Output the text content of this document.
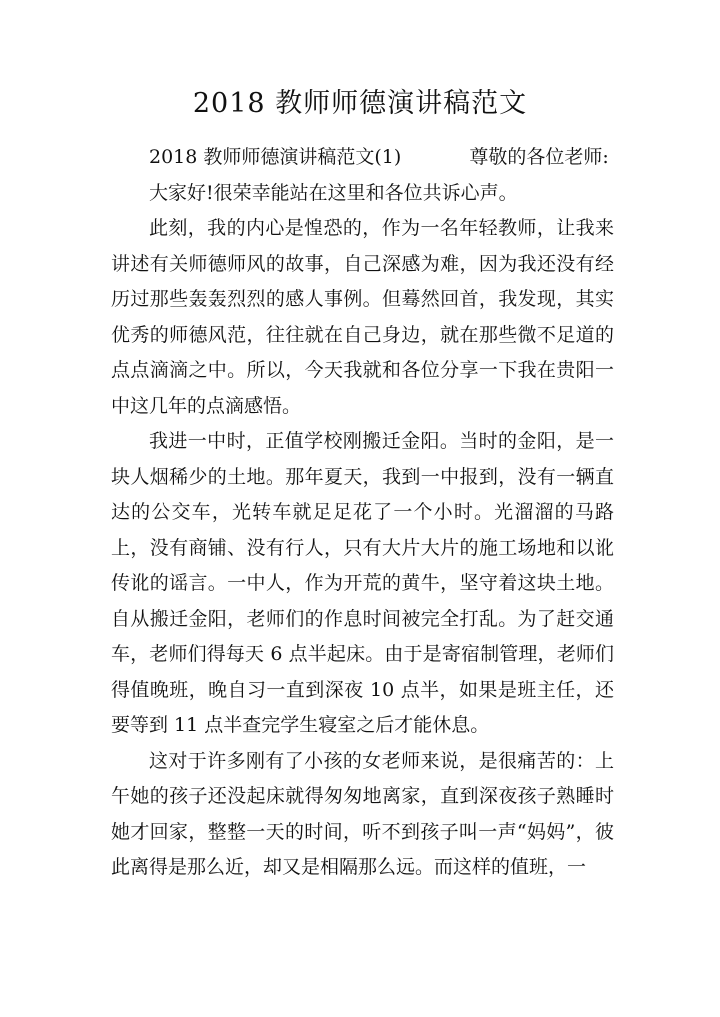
2018 教师师德演讲稿范文

2018 教师师德演讲稿范文(1)	尊敬的各位老师:

大家好!很荣幸能站在这里和各位共诉心声。

此刻，我的内心是惶恐的，作为一名年轻教师，让我来讲述有关师德师风的故事，自己深感为难，因为我还没有经历过那些轰轰烈烈的感人事例。但蓦然回首，我发现，其实优秀的师德风范，往往就在自己身边，就在那些微不足道的点点滴滴之中。所以，今天我就和各位分享一下我在贵阳一中这几年的点滴感悟。

我进一中时，正值学校刚搬迁金阳。当时的金阳，是一块人烟稀少的土地。那年夏天，我到一中报到，没有一辆直达的公交车，光转车就足足花了一个小时。光溜溜的马路上，没有商铺、没有行人，只有大片大片的施工场地和以讹传讹的谣言。一中人，作为开荒的黄牛，坚守着这块土地。自从搬迁金阳，老师们的作息时间被完全打乱。为了赶交通车，老师们得每天 6 点半起床。由于是寄宿制管理，老师们得值晚班，晚自习一直到深夜 10 点半，如果是班主任，还要等到 11 点半查完学生寝室之后才能休息。

这对于许多刚有了小孩的女老师来说，是很痛苦的：上午她的孩子还没起床就得匆匆地离家，直到深夜孩子熟睡时她才回家，整整一天的时间，听不到孩子叫一声“妈妈”，彼此离得是那么近，却又是相隔那么远。而这样的值班，一
